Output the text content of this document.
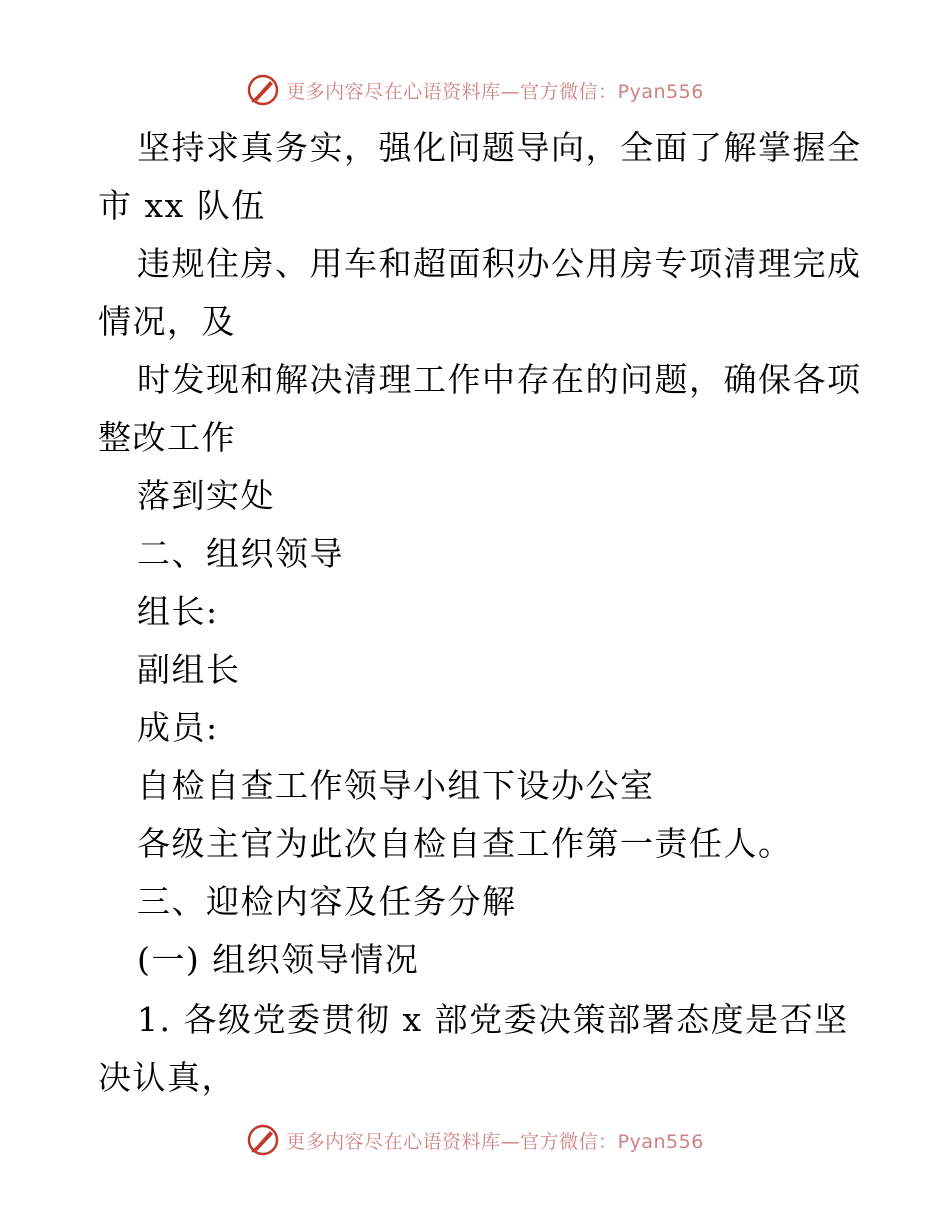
更多内容尽在心语资料库—官方微信：Pyan556
坚持求真务实，强化问题导向，全面了解掌握全
市 xx 队伍
违规住房、用车和超面积办公用房专项清理完成
情况，及
时发现和解决清理工作中存在的问题，确保各项
整改工作
落到实处
二、组织领导
组长:
副组长
成员:
自检自查工作领导小组下设办公室
各级主官为此次自检自查工作第一责任人。
三、迎检内容及任务分解
(一) 组织领导情况
1. 各级党委贯彻 x 部党委决策部署态度是否坚
决认真，
更多内容尽在心语资料库—官方微信：Pyan556
